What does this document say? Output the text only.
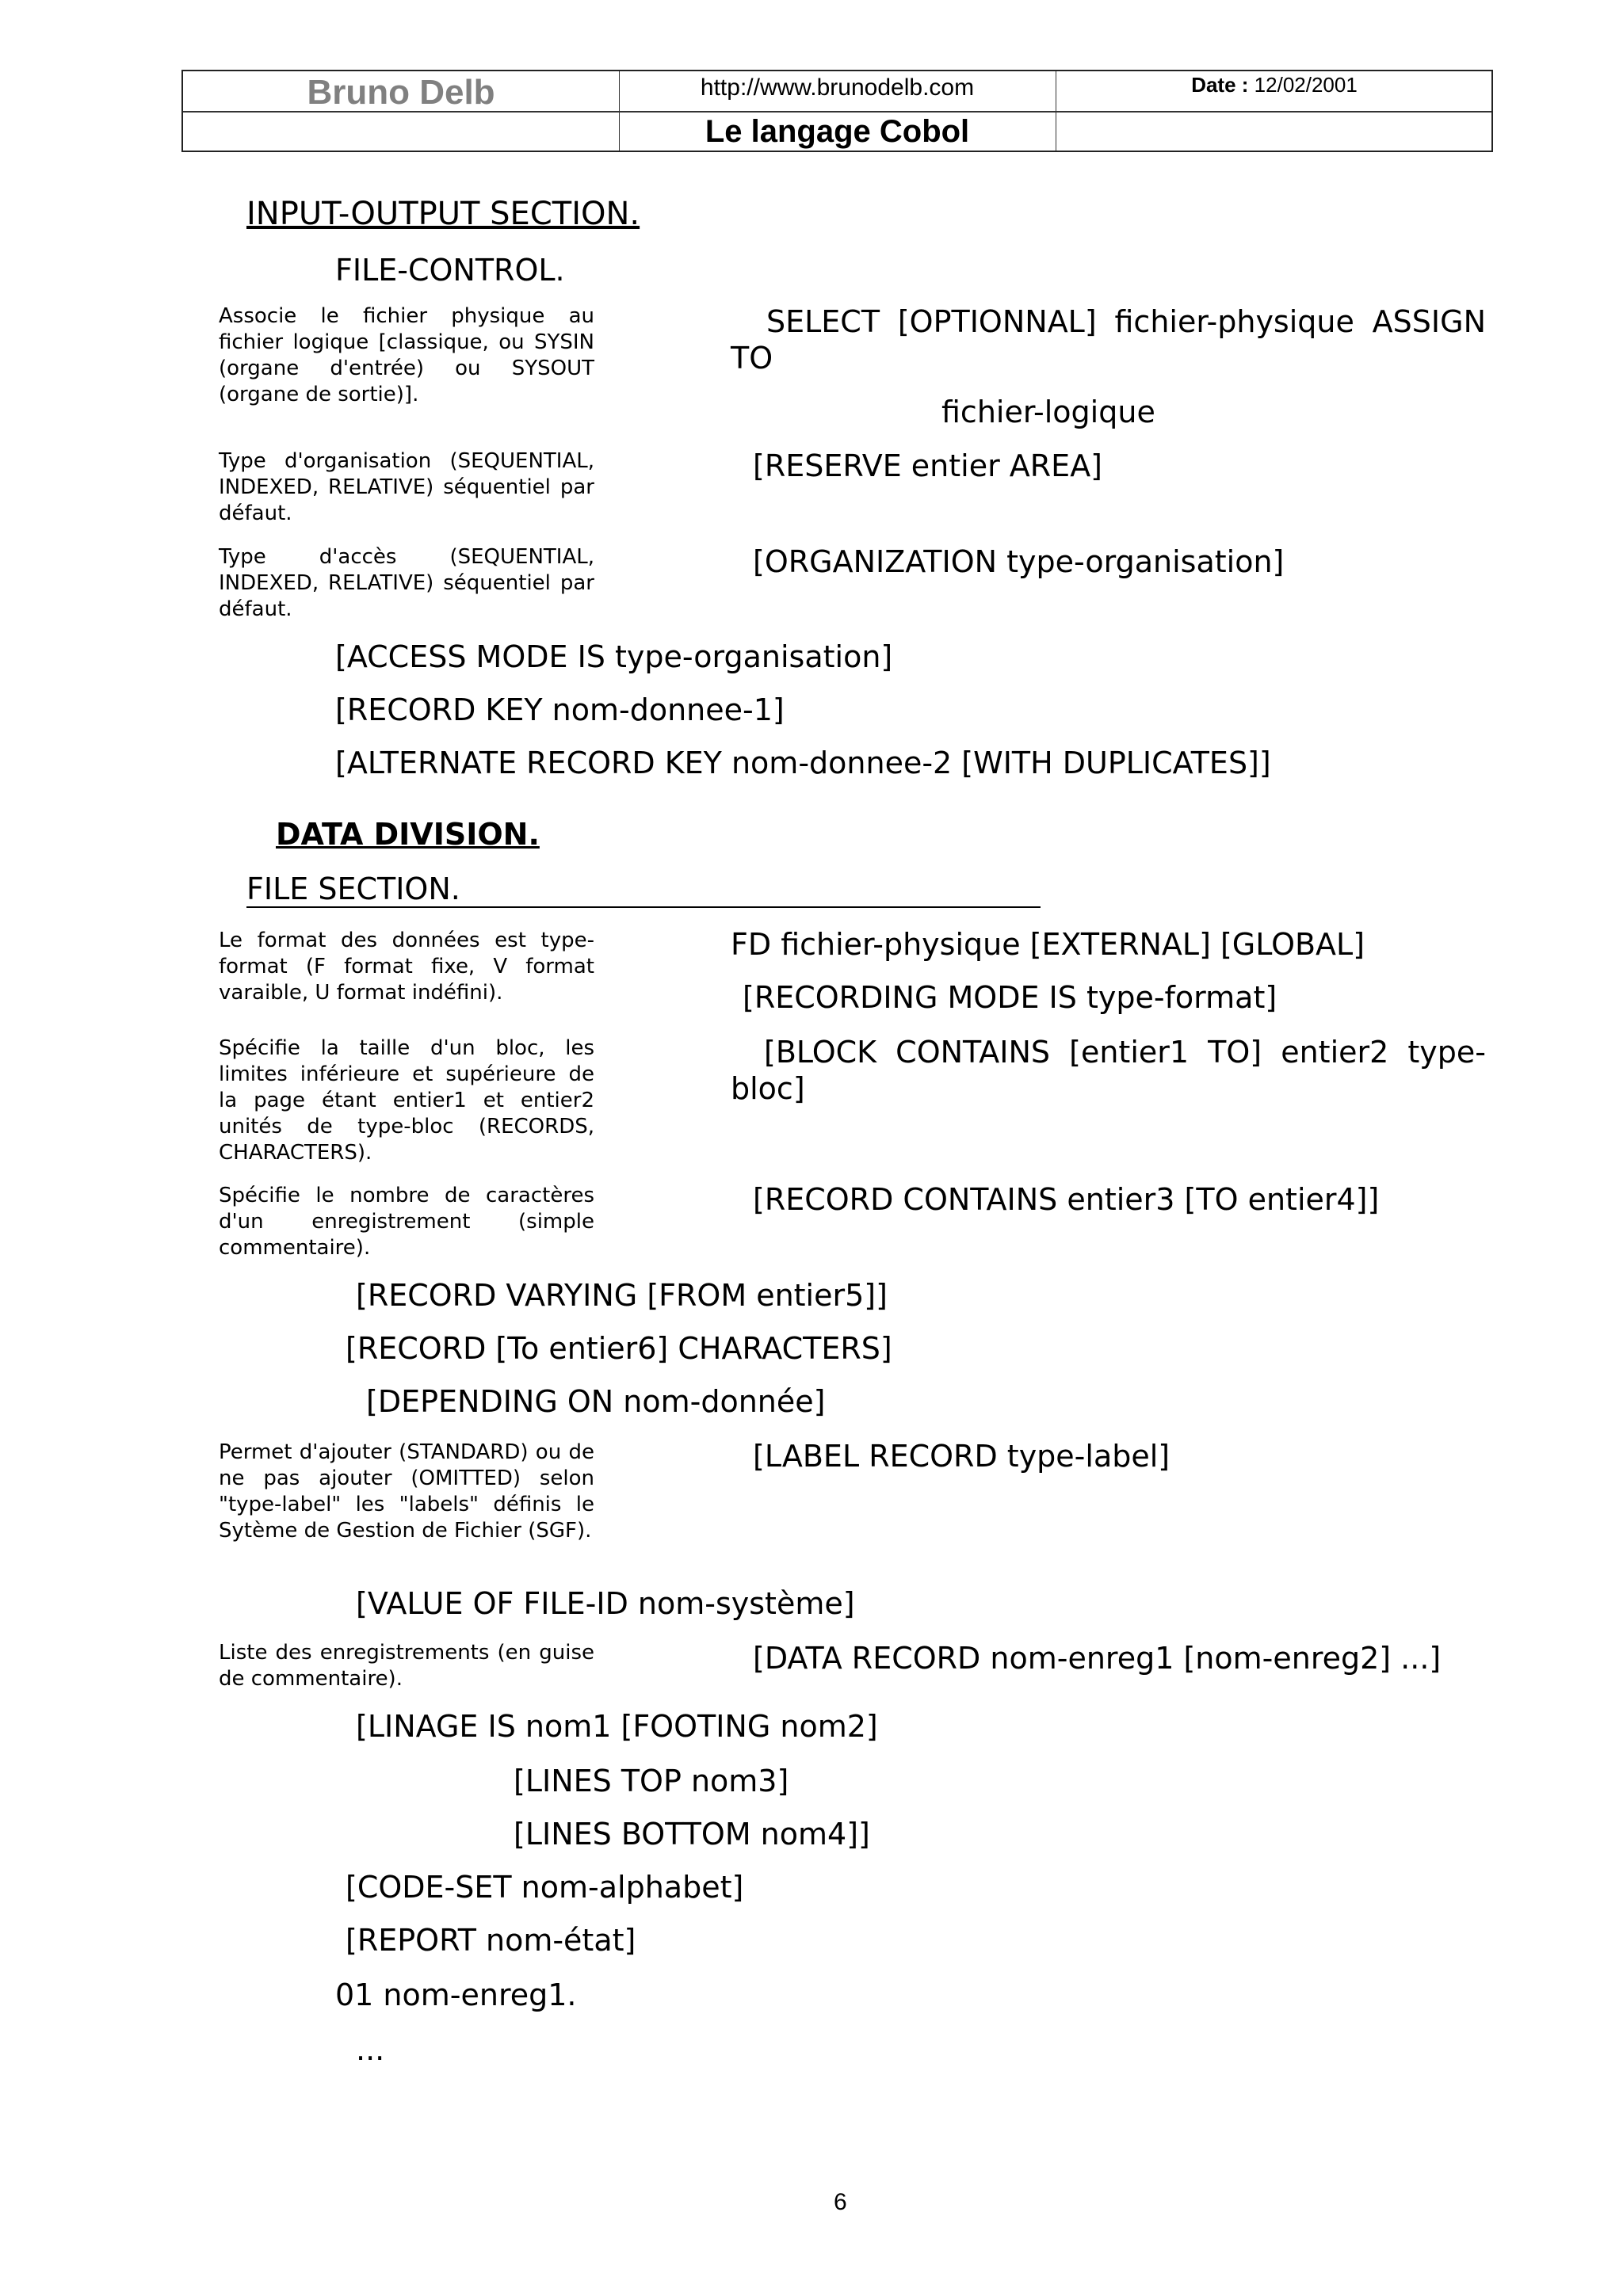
Bruno Delb	http://www.brunodelb.com	Date : 12/02/2001
Le langage Cobol
INPUT-OUTPUT SECTION.
FILE-CONTROL.
Associe le fichier physique au fichier logique [classique, ou SYSIN (organe d'entrée) ou SYSOUT (organe de sortie)].
SELECT [OPTIONNAL] fichier-physique ASSIGN TO
fichier-logique
Type d'organisation (SEQUENTIAL, INDEXED, RELATIVE) séquentiel par défaut.
[RESERVE entier AREA]
Type d'accès (SEQUENTIAL, INDEXED, RELATIVE) séquentiel par défaut.
[ORGANIZATION type-organisation]
[ACCESS MODE IS type-organisation]
[RECORD KEY nom-donnee-1]
[ALTERNATE RECORD KEY nom-donnee-2 [WITH DUPLICATES]]
DATA DIVISION.
FILE SECTION.
Le format des données est type-format (F format fixe, V format varaible, U format indéfini).
FD fichier-physique [EXTERNAL] [GLOBAL]
[RECORDING MODE IS type-format]
Spécifie la taille d'un bloc, les limites inférieure et supérieure de la page étant entier1 et entier2 unités de type-bloc (RECORDS, CHARACTERS).
[BLOCK CONTAINS [entier1 TO] entier2 type-bloc]
Spécifie le nombre de caractères d'un enregistrement (simple commentaire).
[RECORD CONTAINS entier3 [TO entier4]]
[RECORD VARYING [FROM entier5]]
[RECORD [To entier6] CHARACTERS]
[DEPENDING ON nom-donnée]
Permet d'ajouter (STANDARD) ou de ne pas ajouter (OMITTED) selon "type-label" les "labels" définis le Sytème de Gestion de Fichier (SGF).
[LABEL RECORD type-label]
[VALUE OF FILE-ID nom-système]
Liste des enregistrements (en guise de commentaire).
[DATA RECORD nom-enreg1 [nom-enreg2] ...]
[LINAGE IS nom1 [FOOTING nom2]
[LINES TOP nom3]
[LINES BOTTOM nom4]]
[CODE-SET nom-alphabet]
[REPORT nom-état]
01 nom-enreg1.
...
6
